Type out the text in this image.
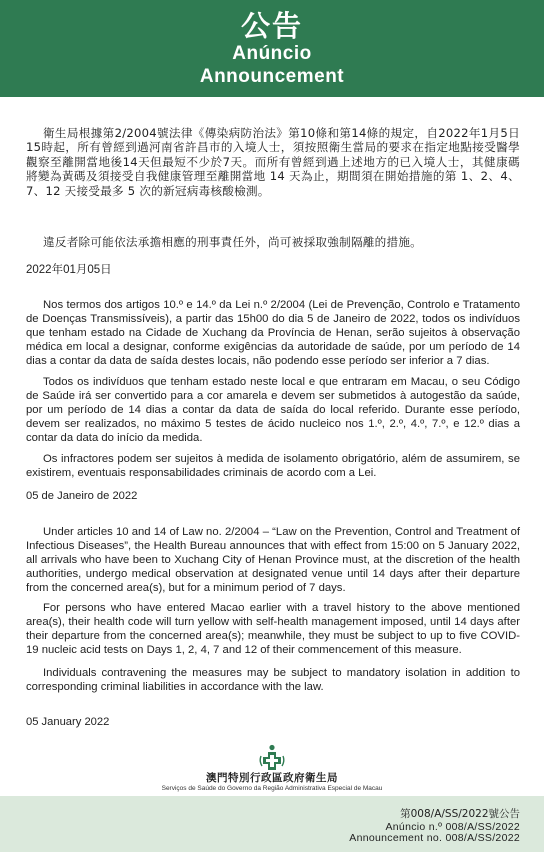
公告
Anúncio
Announcement

衛生局根據第2/2004號法律《傳染病防治法》第10條和第14條的規定，自2022年1月5日15時起，所有曾經到過河南省許昌市的入境人士，須按照衛生當局的要求在指定地點接受醫學觀察至離開當地後14天但最短不少於7天。而所有曾經到過上述地方的已入境人士，其健康碼將變為黃碼及須接受自我健康管理至離開當地 14 天為止，期間須在開始措施的第 1、2、4、7、12 天接受最多 5 次的新冠病毒核酸檢測。

違反者除可能依法承擔相應的刑事責任外，尚可被採取強制隔離的措施。

2022年01月05日

Nos termos dos artigos 10.º e 14.º da Lei n.º 2/2004 (Lei de Prevenção, Controlo e Tratamento de Doenças Transmissíveis), a partir das 15h00 do dia 5 de Janeiro de 2022, todos os indivíduos que tenham estado na Cidade de Xuchang da Província de Henan, serão sujeitos à observação médica em local a designar, conforme exigências da autoridade de saúde, por um período de 14 dias a contar da data de saída destes locais, não podendo esse período ser inferior a 7 dias.

Todos os indivíduos que tenham estado neste local e que entraram em Macau, o seu Código de Saúde irá ser convertido para a cor amarela e devem ser submetidos à autogestão da saúde, por um período de 14 dias a contar da data de saída do local referido. Durante esse período, devem ser realizados, no máximo 5 testes de ácido nucleico nos 1.º, 2.º, 4.º, 7.º, e 12.º dias a contar da data do início da medida.

Os infractores podem ser sujeitos à medida de isolamento obrigatório, além de assumirem, se existirem, eventuais responsabilidades criminais de acordo com a Lei.

05 de Janeiro de 2022

Under articles 10 and 14 of Law no. 2/2004 – “Law on the Prevention, Control and Treatment of Infectious Diseases”, the Health Bureau announces that with effect from 15:00 on 5 January 2022, all arrivals who have been to Xuchang City of Henan Province must, at the discretion of the health authorities, undergo medical observation at designated venue until 14 days after their departure from the concerned area(s), but for a minimum period of 7 days.

For persons who have entered Macao earlier with a travel history to the above mentioned area(s), their health code will turn yellow with self-health management imposed, until 14 days after their departure from the concerned area(s); meanwhile, they must be subject to up to five COVID-19 nucleic acid tests on Days 1, 2, 4, 7 and 12 of their commencement of this measure.

Individuals contravening the measures may be subject to mandatory isolation in addition to corresponding criminal liabilities in accordance with the law.

05 January 2022

澳門特別行政區政府衛生局
Serviços de Saúde do Governo da Região Administrativa Especial de Macau
第008/A/SS/2022號公告
Anúncio n.º 008/A/SS/2022
Announcement no. 008/A/SS/2022
